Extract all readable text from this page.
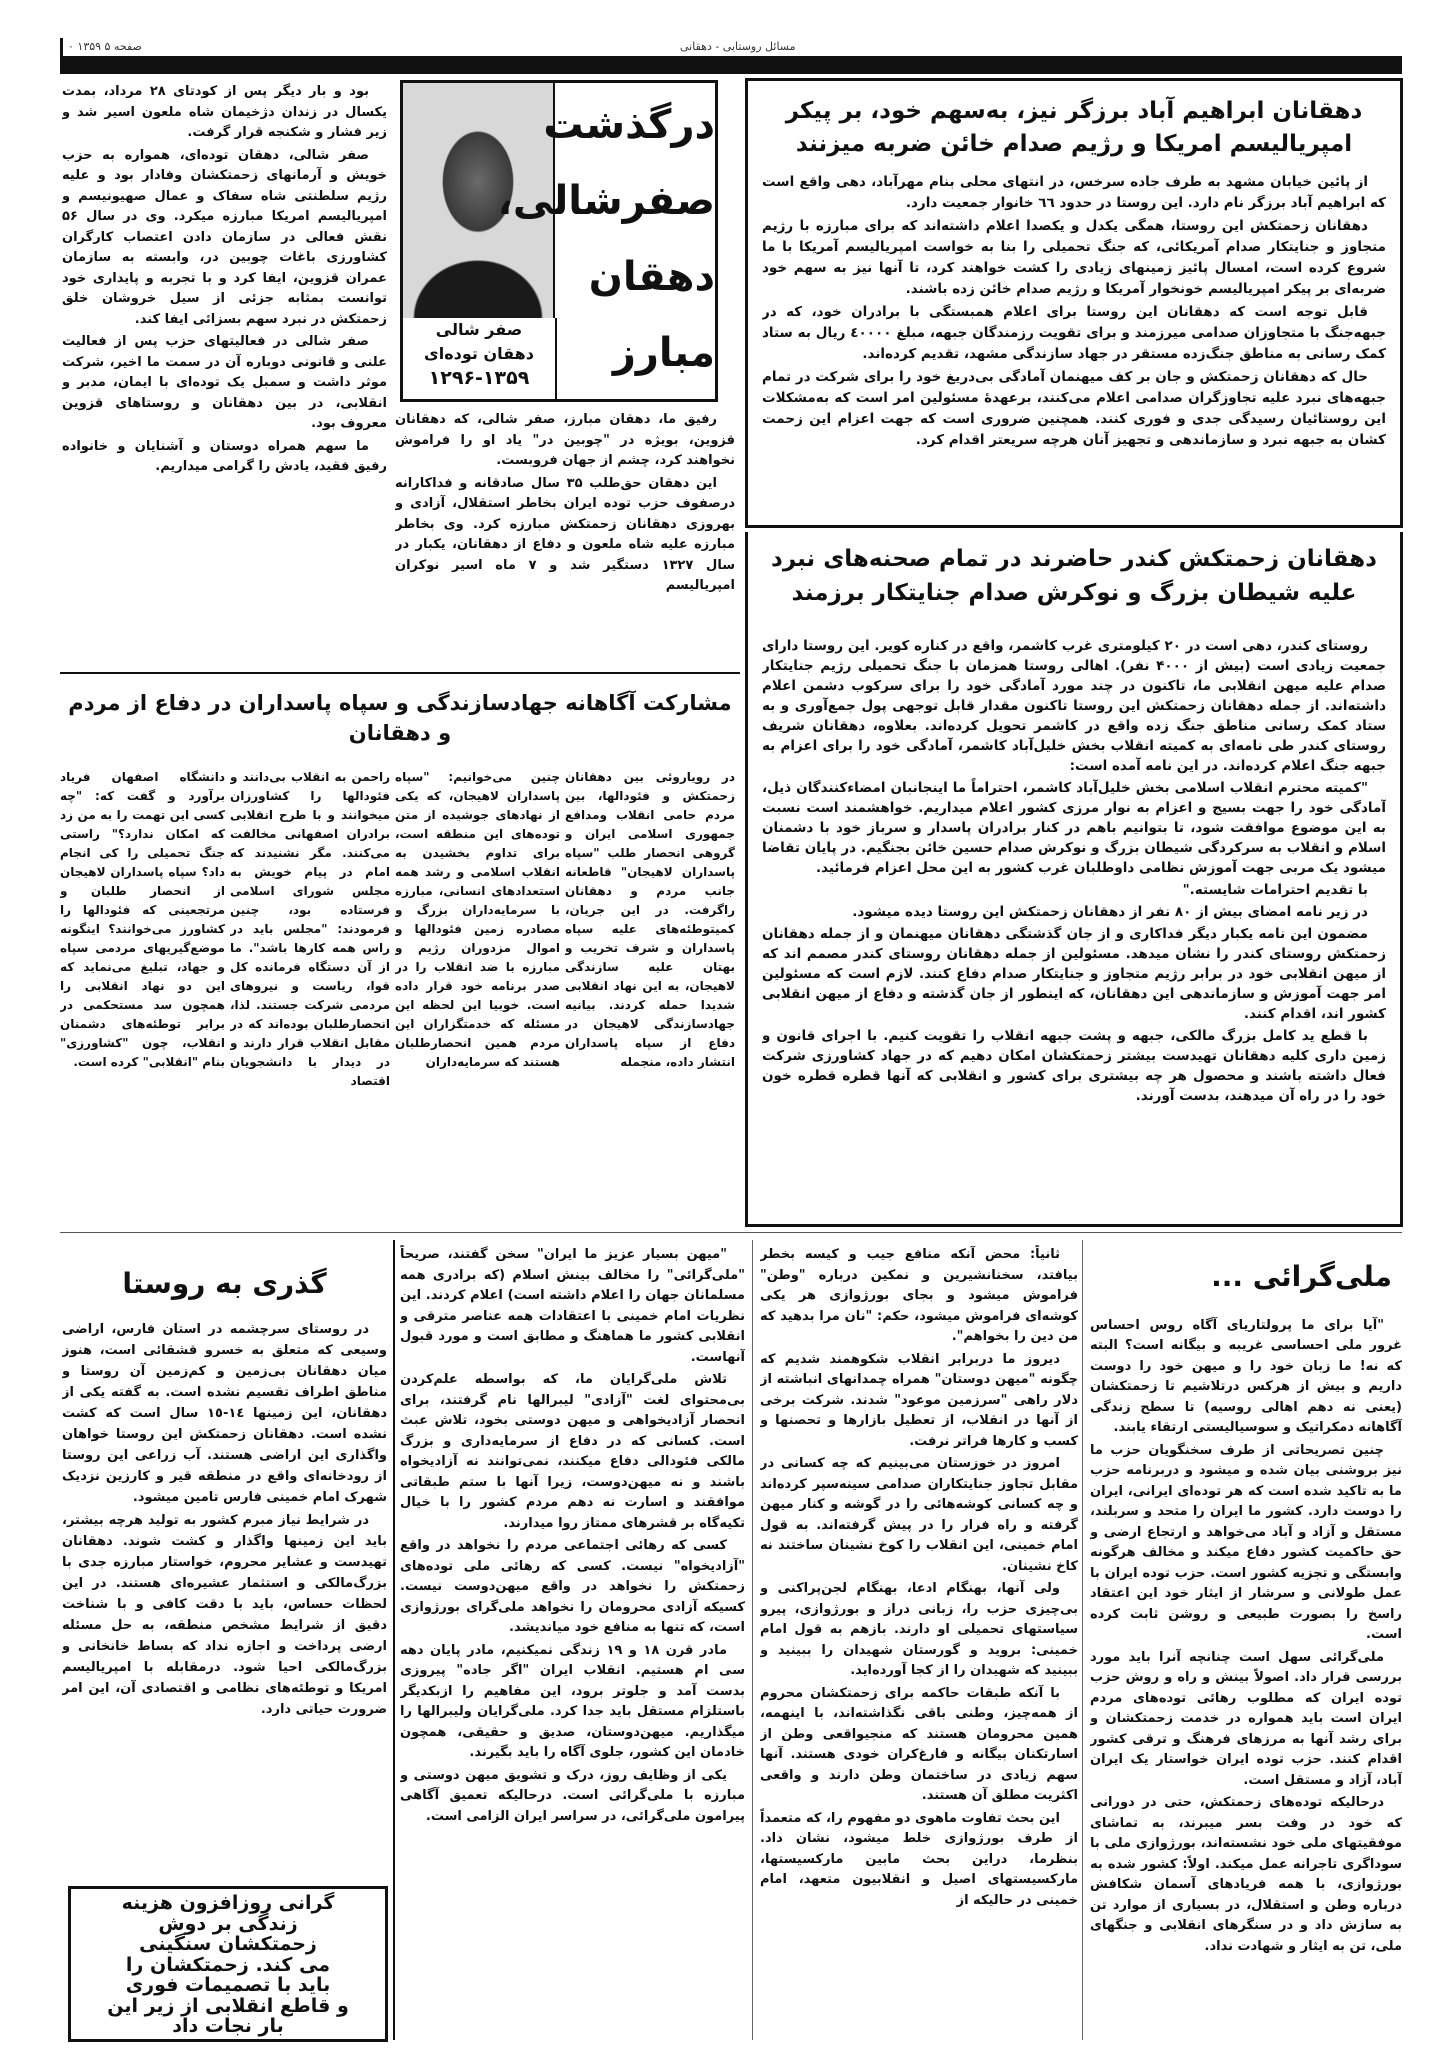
۰ ۱۳۵۹ صفحه ۵	مسائل روستایی - دهقانی
دهقانان ابراهیم آباد برزگر نیز، به‌سهم خود، بر پیکر
امپریالیسم امریکا و رژیم صدام خائن ضربه میزنند

از پائین خیابان مشهد به طرف جاده سرخس، در انتهای محلی بنام مهرآباد، دهی واقع است که ابراهیم آباد برزگر نام دارد. این روستا در حدود ٦٦ خانوار جمعیت دارد.

دهقانان زحمتکش این روستا، همگی یکدل و یکصدا اعلام داشته‌اند که برای مبارزه با رژیم متجاوز و جنایتکار صدام آمریکائی، که جنگ تحمیلی را بنا به خواست امپریالیسم آمریکا با ما شروع کرده است، امسال پائیز زمینهای زیادی را کشت خواهند کرد، تا آنها نیز به سهم خود ضربه‌ای بر پیکر امپریالیسم خونخوار آمریکا و رژیم صدام خائن زده باشند.

قابل توجه است که دهقانان این روستا برای اعلام همبستگی با برادران خود، که در جبهه‌جنگ با متجاوزان صدامی میرزمند و برای تقویت رزمندگان جبهه، مبلغ ٤٠٠٠٠ ریال به ستاد کمک رسانی به مناطق جنگ‌زده مستقر در جهاد سازندگی مشهد، تقدیم کرده‌اند.

حال که دهقانان زحمتکش و جان بر کف میهنمان آمادگی بی‌دریغ خود را برای شرکت در تمام جبهه‌های نبرد علیه تجاوزگران صدامی اعلام می‌کنند، برعهدهٔ مسئولین امر است که به‌مشکلات این روستائیان رسیدگی جدی و فوری کنند. همچنین ضروری است که جهت اعزام این زحمت کشان به جبهه نبرد و سازماندهی و تجهیز آنان هرچه سریعتر اقدام کرد.

صفر شالی
دهقان توده‌ای
۱۲۹۶-۱۳۵۹
درگذشت
صفرشالی،
دهقان
مبارز

رفیق ما، دهقان مبارز، صفر شالی، که دهقانان قزوین، بویژه در "چوبین در" یاد او را فراموش نخواهند کرد، چشم از جهان فروبست.

این دهقان حق‌طلب ۳۵ سال صادقانه و فداکارانه درصفوف حزب توده ایران بخاطر استقلال، آزادی و بهروزی دهقانان زحمتکش مبارزه کرد. وی بخاطر مبارزه علیه شاه ملعون و دفاع از دهقانان، یکبار در سال ۱۳۲۷ دستگیر شد و ۷ ماه اسیر نوکران امپریالیسم

بود و بار دیگر پس از کودتای ۲۸ مرداد، بمدت یکسال در زندان دژخیمان شاه ملعون اسیر شد و زیر فشار و شکنجه قرار گرفت.

صفر شالی، دهقان توده‌ای، همواره به حزب خویش و آرمانهای زحمتکشان وفادار بود و علیه رژیم سلطنتی شاه سفاک و عمال صهیونیسم و امپریالیسم امریکا مبارزه میکرد. وی در سال ۵۶ نقش فعالی در سازمان دادن اعتصاب کارگران کشاورزی باغات چوبین در، وابسته به سازمان عمران قزوین، ایفا کرد و با تجربه و پایداری خود توانست بمثابه جزئی از سیل خروشان خلق زحمتکش در نبرد سهم بسزائی ایفا کند.

صفر شالی در فعالیتهای حزب پس از فعالیت علنی و قانونی دوباره آن در سمت ما اخیر، شرکت موثر داشت و سمبل یک توده‌ای با ایمان، مدبر و انقلابی، در بین دهقانان و روستاهای قزوین معروف بود.

ما سهم همراه دوستان و آشنایان و خانواده رفیق فقید، یادش را گرامی میداریم.

دهقانان زحمتکش کندر حاضرند در تمام صحنه‌های نبرد
علیه شیطان بزرگ و نوکرش صدام جنایتکار برزمند

روستای کندر، دهی است در ۲۰ کیلومتری غرب کاشمر، واقع در کناره کویر. این روستا دارای جمعیت زیادی است (بیش از ۴۰۰۰ نفر). اهالی روستا همزمان با جنگ تحمیلی رژیم جنایتکار صدام علیه میهن انقلابی ما، تاکنون در چند مورد آمادگی خود را برای سرکوب دشمن اعلام داشته‌اند. از جمله دهقانان زحمتکش این روستا تاکنون مقدار قابل توجهی پول جمع‌آوری و به ستاد کمک رسانی مناطق جنگ زده واقع در کاشمر تحویل کرده‌اند. بعلاوه، دهقانان شریف روستای کندر طی نامه‌ای به کمیته انقلاب بخش خلیل‌آباد کاشمر، آمادگی خود را برای اعزام به جبهه جنگ اعلام کرده‌اند. در این نامه آمده است:

"کمیته محترم انقلاب اسلامی بخش خلیل‌آباد کاشمر، احتراماً ما اینجانبان امضاءکنندگان ذیل، آمادگی خود را جهت بسیج و اعزام به نوار مرزی کشور اعلام میداریم. خواهشمند است نسبت به این موضوع موافقت شود، تا بتوانیم باهم در کنار برادران پاسدار و سرباز خود با دشمنان اسلام و انقلاب به سرکردگی شیطان بزرگ و نوکرش صدام حسین خائن بجنگیم. در پایان تقاضا میشود یک مربی جهت آموزش نظامی داوطلبان غرب کشور به این محل اعزام فرمائید.

با تقدیم احترامات شایسته."

در زیر نامه امضای بیش از ۸۰ نفر از دهقانان زحمتکش این روستا دیده میشود.

مضمون این نامه یکبار دیگر فداکاری و از جان گذشتگی دهقانان میهنمان و از جمله دهقانان زحمتکش روستای کندر را نشان میدهد. مسئولین از جمله دهقانان روستای کندر مصمم اند که از میهن انقلابی خود در برابر رژیم متجاوز و جنایتکار صدام دفاع کنند. لازم است که مسئولین امر جهت آموزش و سازماندهی این دهقانان، که اینطور از جان گذشته و دفاع از میهن انقلابی کشور اند، اقدام کنند.

با قطع ید کامل بزرگ مالکی، جبهه و پشت جبهه انقلاب را تقویت کنیم. با اجرای قانون و زمین داری کلیه دهقانان تهیدست بیشتر زحمتکشان امکان دهیم که در جهاد کشاورزی شرکت فعال داشته باشند و محصول هر چه بیشتری برای کشور و انقلابی که آنها قطره قطره خون خود را در راه آن میدهند، بدست آورند.

مشارکت آگاهانه جهادسازندگی و سپاه پاسداران در دفاع از مردم و دهقانان
در رویاروئی بین دهقانان زحمتکش و فئودالها، بین مردم حامی انقلاب ومدافع جمهوری اسلامی ایران و گروهی انحصار طلب "سپاه پاسداران لاهیجان" قاطعانه جانب مردم و دهقانان راگرفت. در این جریان، کمیتوطئه‌های علیه سپاه پاسداران و شرف تخریب و بهتان علیه سازندگی لاهیجان، به این نهاد انقلابی شدیدا حمله کردند. بیانیه جهادسازندگی لاهیجان در دفاع از سپاه پاسداران انتشار داده، منجمله
چنین می‌خوانیم: "سپاه پاسداران لاهیجان، که یکی از نهادهای جوشیده از متن توده‌های این منطقه است، برای تداوم بخشیدن به انقلاب اسلامی و رشد همه استعدادهای انسانی، مبارزه با سرمایه‌داران بزرگ و مصادره زمین فئودالها و اموال مزدوران رژیم و مبارزه با ضد انقلاب را در صدر برنامه خود قرار داده است. خوبیا این لحظه این مسئله که خدمتگزاران این مردم همین انحصارطلبان هستند که سرمایه‌داران
راحمن به انقلاب بی‌دانند و فئودالها را کشاورزان میخوانند و با طرح انقلابی برادران اصفهانی مخالفت می‌کنند. مگر نشنیدند که امام در پیام خویش به مجلس شورای اسلامی فرستاده بود، چنین فرمودند: "مجلس باید در راس همه کارها باشد". ما از آن دستگاه فرمانده کل قوا، ریاست و نیروهای مردمی شرکت جستند. لذا، انحصارطلبان بوده‌اند که در مقابل انقلاب قرار دارند و در دیدار با دانشجویان اقتصاد
دانشگاه اصفهان فریاد برآورد و گفت که: "چه کسی این تهمت را به من زد که امکان ندارد؟" راستی جنگ تحمیلی را کی انجام داد؟ سپاه پاسداران لاهیجان از انحصار طلبان و مرتجعینی که فئودالها را کشاورز می‌خوانند؟ اینگونه موضع‌گیریهای مردمی سپاه و جهاد، تبلیغ می‌نماید که این دو نهاد انقلابی را همچون سد مستحکمی در برابر توطئه‌های دشمنان انقلاب، چون "کشاورزی" بنام "انقلابی" کرده است.
ملی‌گرائی ...

"آیا برای ما پرولتاریای آگاه روس احساس غرور ملی احساسی غریبه و بیگانه است؟ البته که نه! ما زبان خود را و میهن خود را دوست داریم و بیش از هرکس درتلاشیم تا زحمتکشان (یعنی نه دهم اهالی روسیه) تا سطح زندگی آگاهانه دمکراتیک و سوسیالیستی ارتقاء یابند.

چنین تصریحاتی از طرف سخنگویان حزب ما نیز بروشنی بیان شده و میشود و دربرنامه حزب ما به تاکید شده است که هر توده‌ای ایرانی، ایران را دوست دارد. کشور ما ایران را متحد و سربلند، مستقل و آزاد و آباد می‌خواهد و ارتجاع ارضی و حق حاکمیت کشور دفاع میکند و مخالف هرگونه وابستگی و تجزیه کشور است. حزب توده ایران با عمل طولانی و سرشار از ایثار خود این اعتقاد راسخ را بصورت طبیعی و روشن ثابت کرده است.

ملی‌گرائی سهل است چنانچه آنرا باید مورد بررسی قرار داد. اصولاً بینش و راه و روش حزب توده ایران که مطلوب رهائی توده‌های مردم ایران است باید همواره در خدمت زحمتکشان و برای رشد آنها به مرزهای فرهنگ و ترقی کشور اقدام کنند. حزب توده ایران خواستار یک ایران آباد، آزاد و مستقل است.

درحالیکه توده‌های زحمتکش، حتی در دورانی که خود در وفت بسر میبرند، به تماشای موفقیتهای ملی خود نشسته‌اند، بورژوازی ملی با سوداگری تاجرانه عمل میکند. اولاً: کشور شده به بورژوازی، با همه فریادهای آسمان شکافش درباره وطن و استقلال، در بسیاری از موارد تن به سازش داد و در سنگرهای انقلابی و جنگهای ملی، تن به ایثار و شهادت نداد.

ثانیاً: محض آنکه منافع جیب و کیسه بخطر بیافتد، سخنانشیرین و نمکین درباره "وطن" فراموش میشود و بجای بورژوازی هر یکی کوشه‌ای فراموش میشود، حکم: "نان مرا بدهید که من دین را بخواهم".

دیروز ما دربرابر انقلاب شکوهمند شدیم که چگونه "میهن دوستان" همراه چمدانهای انباشته از دلار راهی "سرزمین موعود" شدند. شرکت برخی از آنها در انقلاب، از تعطیل بازارها و تحصنها و کسب و کارها فراتر نرفت.

امروز در خوزستان می‌بینیم که چه کسانی در مقابل تجاوز جنایتکاران صدامی سینه‌سپر کرده‌اند و چه کسانی کوشه‌هائی را در گوشه و کنار میهن گرفته و راه فرار را در پیش گرفته‌اند. به قول امام خمینی، این انقلاب را کوخ نشینان ساختند نه کاخ نشینان.

ولی آنها، بهنگام ادعا، بهنگام لجن‌پراکنی و بی‌چیزی حزب را، زبانی دراز و بورژوازی، پیرو سیاستهای تحمیلی او دارند. بازهم به قول امام خمینی: بروید و گورستان شهیدان را ببینید و ببینید که شهیدان را از کجا آورده‌اید.

با آنکه طبقات حاکمه برای زحمتکشان محروم از همه‌چیز، وطنی باقی نگذاشته‌اند، با اینهمه، همین محرومان هستند که منجیواقعی وطن از اسارتکنان بیگانه و فارغ‌کران خودی هستند. آنها سهم زیادی در ساختمان وطن دارند و واقعی اکثریت مطلق آن هستند.

این بحث تفاوت ماهوی دو مفهوم را، که متعمداً از طرف بورژوازی خلط میشود، نشان داد. بنظرما، دراین بحث مابین مارکسیستها، مارکسیستهای اصیل و انقلابیون متعهد، امام خمینی در حالیکه از

"میهن بسیار عزیز ما ایران" سخن گفتند، صریحاً "ملی‌گرائی" را مخالف بینش اسلام (که برادری همه مسلمانان جهان را اعلام داشته است) اعلام کردند. این نظریات امام خمینی با اعتقادات همه عناصر مترقی و انقلابی کشور ما هماهنگ و مطابق است و مورد قبول آنهاست.

تلاش ملی‌گرایان ما، که بواسطه علم‌کردن بی‌محتوای لغت "آزادی" لیبرالها نام گرفتند، برای انحصار آزادیخواهی و میهن دوستی بخود، تلاش عبث است. کسانی که در دفاع از سرمایه‌داری و بزرگ مالکی فئودالی دفاع میکنند، نمی‌توانند نه آزادیخواه باشند و نه میهن‌دوست، زیرا آنها با ستم طبقاتی موافقند و اسارت نه دهم مردم کشور را با خیال تکیه‌گاه بر قشرهای ممتاز روا میدارند.

کسی که رهائی اجتماعی مردم را نخواهد در واقع "آزادیخواه" نیست. کسی که رهائی ملی توده‌های زحمتکش را نخواهد در واقع میهن‌دوست نیست. کسیکه آزادی محرومان را نخواهد ملی‌گرای بورژوازی است، که تنها به منافع خود میاندیشد.

مادر قرن ۱۸ و ۱۹ زندگی نمیکنیم، مادر پایان دهه سی ام هستیم. انقلاب ایران "اگر جاده" پیروزی بدست آمد و جلوتر برود، این مفاهیم را ازبکدیگر باستلزام مستقل باید جدا کرد. ملی‌گرایان ولیبرالها را میگذاریم. میهن‌دوستان، صدیق و حقیقی، همچون خادمان این کشور، جلوی آگاه را باید بگیرند.

یکی از وظایف روز، درک و تشویق میهن دوستی و مبارزه با ملی‌گرائی است. درحالیکه تعمیق آگاهی پیرامون ملی‌گرائی، در سراسر ایران الزامی است.

گذری به روستا

در روستای سرچشمه در استان فارس، اراضی وسیعی که متعلق به خسرو قشقائی است، هنوز میان دهقانان بی‌زمین و کم‌زمین آن روستا و مناطق اطراف تقسیم نشده است. به گفته یکی از دهقانان، این زمینها ١٤-١٥ سال است که کشت نشده است. دهقانان زحمتکش این روستا خواهان واگذاری این اراضی هستند. آب زراعی این روستا از رودخانه‌ای واقع در منطقه قیر و کارزین نزدیک شهرک امام خمینی فارس تامین میشود.

در شرایط نیاز مبرم کشور به تولید هرچه بیشتر، باید این زمینها واگذار و کشت شوند. دهقانان تهیدست و عشایر محروم، خواستار مبارزه جدی با بزرگ‌مالکی و استثمار عشیره‌ای هستند. در این لحظات حساس، باید با دقت کافی و با شناخت دقیق از شرایط مشخص منطقه، به حل مسئله ارضی پرداخت و اجازه نداد که بساط خانخانی و بزرگ‌مالکی احیا شود. درمقابله با امپریالیسم امریکا و توطئه‌های نظامی و اقتصادی آن، این امر ضرورت حیاتی دارد.

گرانی روزافزون هزینه
زندگی بر دوش
زحمتکشان سنگینی
می کند. زحمتکشان را
باید با تصمیمات فوری
و قاطع انقلابی از زیر این
بار نجات داد
